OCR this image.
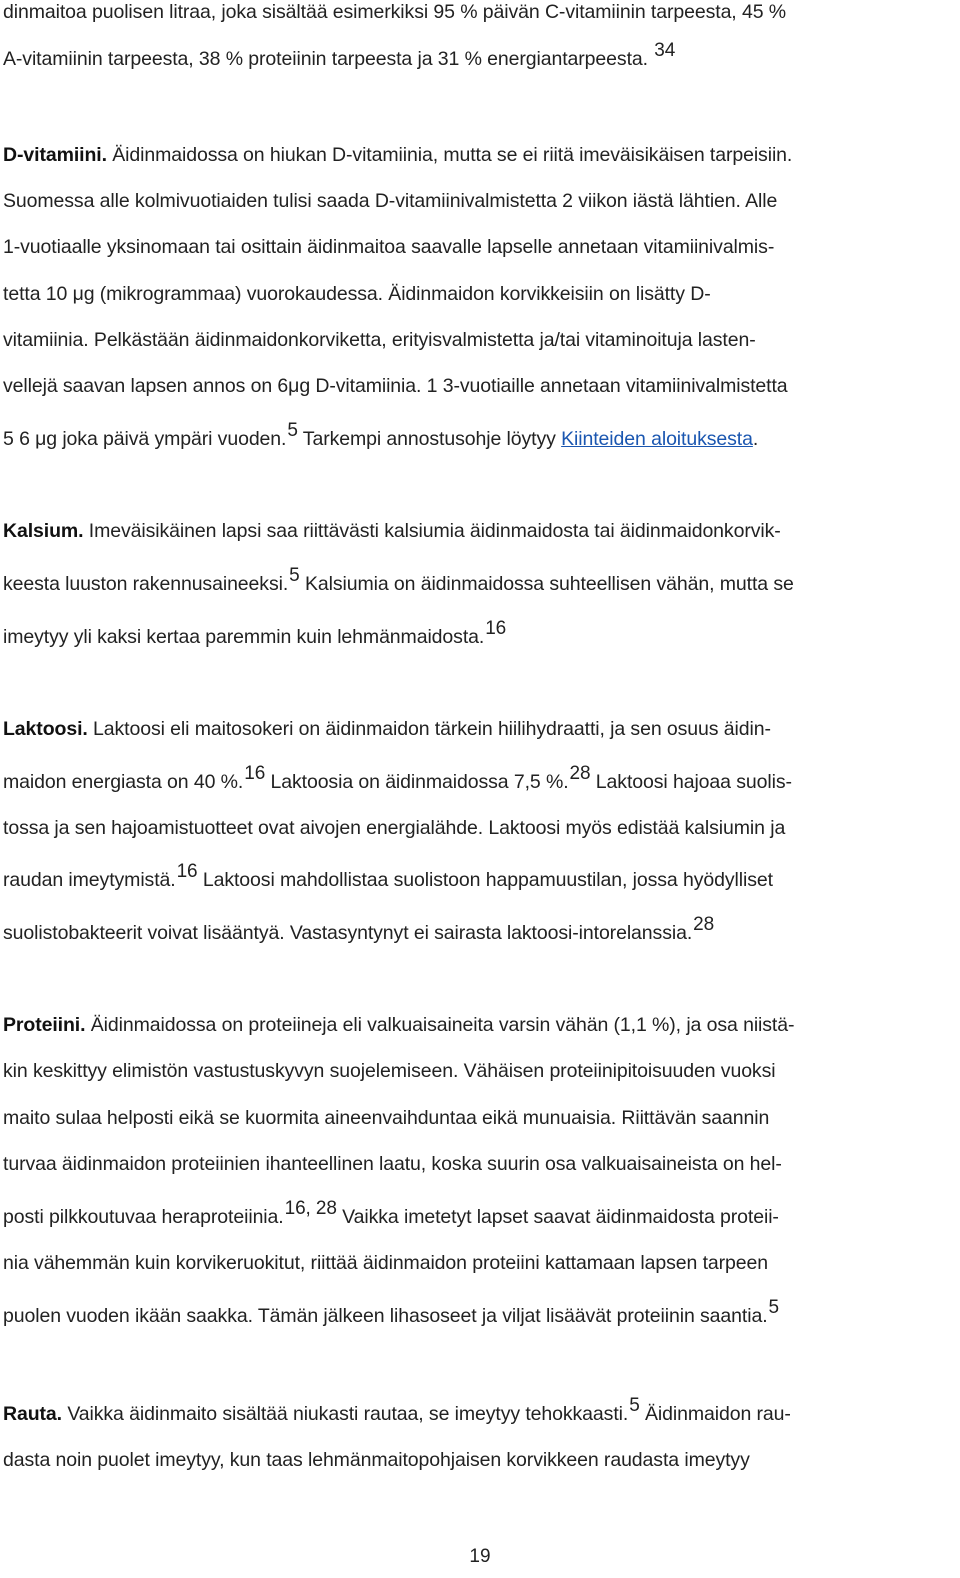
dinmaitoa puolisen litraa, joka sisältää esimerkiksi 95 % päivän C-vitamiinin tarpeesta, 45 %
A-vitamiinin tarpeesta, 38 % proteiinin tarpeesta ja 31 % energiantarpeesta. 34
D-vitamiini. Äidinmaidossa on hiukan D-vitamiinia, mutta se ei riitä imeväisikäisen tarpeisiin.
Suomessa alle kolmivuotiaiden tulisi saada D-vitamiinivalmistetta 2 viikon iästä lähtien. Alle
1-vuotiaalle yksinomaan tai osittain äidinmaitoa saavalle lapselle annetaan vitamiinivalmis-
tetta 10 μg (mikrogrammaa) vuorokaudessa. Äidinmaidon korvikkeisiin on lisätty D-
vitamiinia. Pelkästään äidinmaidonkorviketta, erityisvalmistetta ja/tai vitaminoituja lasten-
vellejä saavan lapsen annos on 6μg D-vitamiinia. 1 3-vuotiaille annetaan vitamiinivalmistetta
5 6 μg joka päivä ympäri vuoden.5 Tarkempi annostusohje löytyy Kiinteiden aloituksesta.
Kalsium. Imeväisikäinen lapsi saa riittävästi kalsiumia äidinmaidosta tai äidinmaidonkorvik-
keesta luuston rakennusaineeksi.5 Kalsiumia on äidinmaidossa suhteellisen vähän, mutta se
imeytyy yli kaksi kertaa paremmin kuin lehmänmaidosta.16
Laktoosi. Laktoosi eli maitosokeri on äidinmaidon tärkein hiilihydraatti, ja sen osuus äidin-
maidon energiasta on 40 %.16 Laktoosia on äidinmaidossa 7,5 %.28 Laktoosi hajoaa suolis-
tossa ja sen hajoamistuotteet ovat aivojen energialähde. Laktoosi myös edistää kalsiumin ja
raudan imeytymistä.16 Laktoosi mahdollistaa suolistoon happamuustilan, jossa hyödylliset
suolistobakteerit voivat lisääntyä. Vastasyntynyt ei sairasta laktoosi-intorelanssia.28
Proteiini. Äidinmaidossa on proteiineja eli valkuaisaineita varsin vähän (1,1 %), ja osa niistä-
kin keskittyy elimistön vastustuskyvyn suojelemiseen. Vähäisen proteiinipitoisuuden vuoksi
maito sulaa helposti eikä se kuormita aineenvaihduntaa eikä munuaisia. Riittävän saannin
turvaa äidinmaidon proteiinien ihanteellinen laatu, koska suurin osa valkuaisaineista on hel-
posti pilkkoutuvaa heraproteiinia.16, 28 Vaikka imetetyt lapset saavat äidinmaidosta proteii-
nia vähemmän kuin korvikeruokitut, riittää äidinmaidon proteiini kattamaan lapsen tarpeen
puolen vuoden ikään saakka. Tämän jälkeen lihasoseet ja viljat lisäävät proteiinin saantia.5
Rauta. Vaikka äidinmaito sisältää niukasti rautaa, se imeytyy tehokkaasti.5 Äidinmaidon rau-
dasta noin puolet imeytyy, kun taas lehmänmaitopohjaisen korvikkeen raudasta imeytyy
19
